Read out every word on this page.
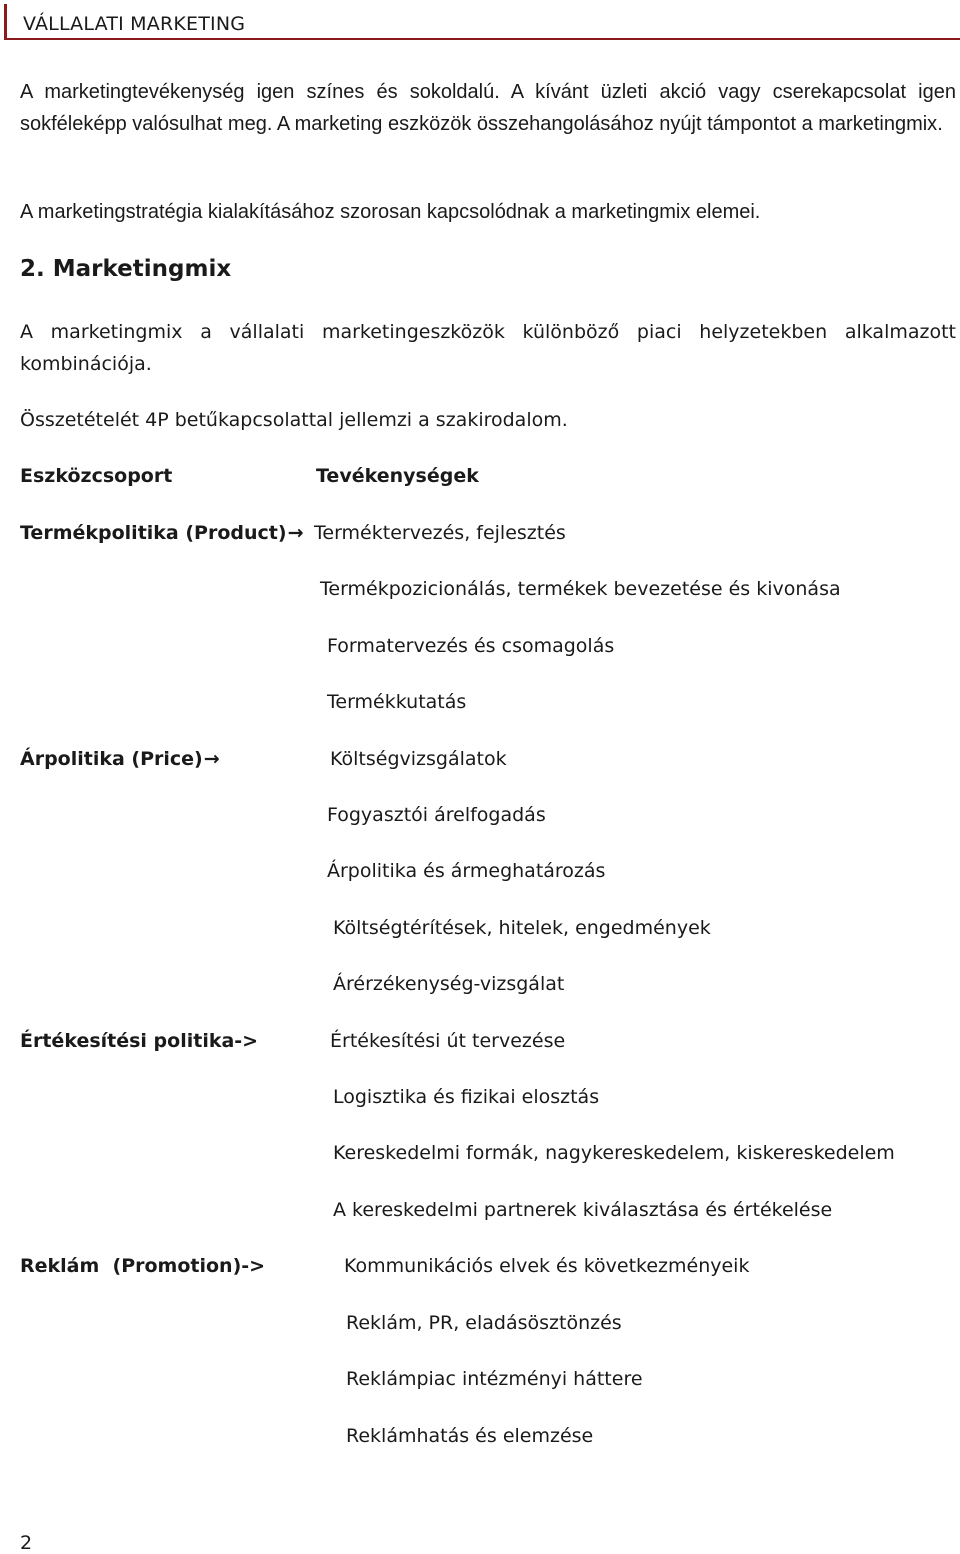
VÁLLALATI MARKETING
A marketingtevékenység igen színes és sokoldalú. A kívánt üzleti akció vagy cserekapcsolat igen sokféleképp valósulhat meg. A marketing eszközök összehangolásához nyújt támpontot a marketingmix.
A marketingstratégia kialakításához szorosan kapcsolódnak a marketingmix elemei.
2. Marketingmix
A marketingmix a vállalati marketingeszközök különböző piaci helyzetekben alkalmazott kombinációja.
Összetételét 4P betűkapcsolattal jellemzi a szakirodalom.
Eszközcsoport	Tevékenységek
Termékpolitika (Product)→ Terméktervezés, fejlesztés
Termékpozicionálás, termékek bevezetése és kivonása
Formatervezés és csomagolás
Termékkutatás
Árpolitika (Price)→	Költségvizsgálatok
Fogyasztói árelfogadás
Árpolitika és ármeghatározás
Költségtérítések, hitelek, engedmények
Árérzékenység-vizsgálat
Értékesítési politika->	Értékesítési út tervezése
Logisztika és fizikai elosztás
Kereskedelmi formák, nagykereskedelem, kiskereskedelem
A kereskedelmi partnerek kiválasztása és értékelése
Reklám  (Promotion)->	Kommunikációs elvek és következményeik
Reklám, PR, eladásösztönzés
Reklámpiac intézményi háttere
Reklámhatás és elemzése
2
